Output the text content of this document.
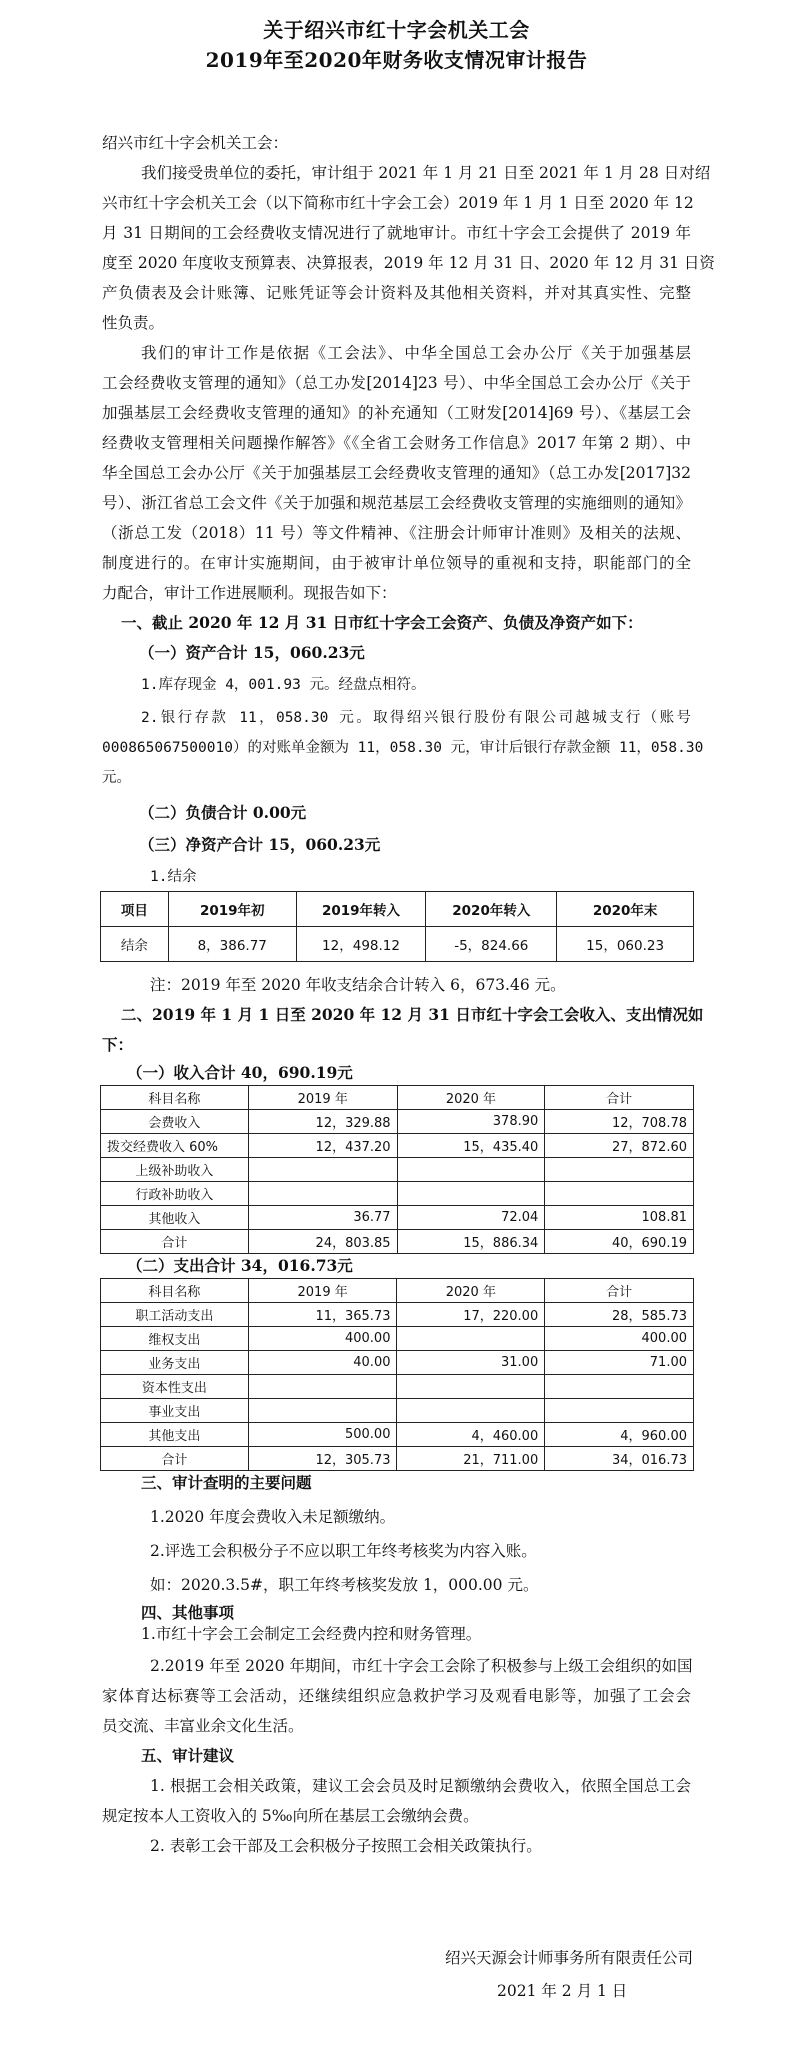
关于绍兴市红十字会机关工会
2019年至2020年财务收支情况审计报告
绍兴市红十字会机关工会：
我们接受贵单位的委托，审计组于 2021 年 1 月 21 日至 2021 年 1 月 28 日对绍
兴市红十字会机关工会（以下简称市红十字会工会）2019 年 1 月 1 日至 2020 年 12
月 31 日期间的工会经费收支情况进行了就地审计。市红十字会工会提供了 2019 年
度至 2020 年度收支预算表、决算报表，2019 年 12 月 31 日、2020 年 12 月 31 日资
产负债表及会计账簿、记账凭证等会计资料及其他相关资料，并对其真实性、完整
性负责。
我们的审计工作是依据《工会法》、中华全国总工会办公厅《关于加强基层
工会经费收支管理的通知》（总工办发[2014]23 号）、中华全国总工会办公厅《关于
加强基层工会经费收支管理的通知》的补充通知（工财发[2014]69 号）、《基层工会
经费收支管理相关问题操作解答》《《全省工会财务工作信息》2017 年第 2 期）、中
华全国总工会办公厅《关于加强基层工会经费收支管理的通知》（总工办发[2017]32
号）、浙江省总工会文件《关于加强和规范基层工会经费收支管理的实施细则的通知》
（浙总工发（2018）11 号）等文件精神、《注册会计师审计准则》及相关的法规、
制度进行的。在审计实施期间，由于被审计单位领导的重视和支持，职能部门的全
力配合，审计工作进展顺利。现报告如下：
一、截止 2020 年 12 月 31 日市红十字会工会资产、负债及净资产如下：
（一）资产合计 15，060.23元
1.库存现金 4，001.93 元。经盘点相符。
2.银行存款 11，058.30 元。取得绍兴银行股份有限公司越城支行（账号
000865067500010）的对账单金额为 11，058.30 元，审计后银行存款金额 11，058.30
元。
（二）负债合计 0.00元
（三）净资产合计 15，060.23元
1.结余
项目	2019年初	2019年转入	2020年转入	2020年末
结余	8，386.77	12，498.12	-5，824.66	15，060.23
注：2019 年至 2020 年收支结余合计转入 6，673.46 元。
二、2019 年 1 月 1 日至 2020 年 12 月 31 日市红十字会工会收入、支出情况如
下：
（一）收入合计 40，690.19元
科目名称	2019 年	2020 年	合计
会费收入	12，329.88	378.90	12，708.78
拨交经费收入 60%	12，437.20	15，435.40	27，872.60
上级补助收入			
行政补助收入			
其他收入	36.77	72.04	108.81
合计	24，803.85	15，886.34	40，690.19
（二）支出合计 34，016.73元
科目名称	2019 年	2020 年	合计
职工活动支出	11，365.73	17，220.00	28，585.73
维权支出	400.00		400.00
业务支出	40.00	31.00	71.00
资本性支出			
事业支出			
其他支出	500.00	4，460.00	4，960.00
合计	12，305.73	21，711.00	34，016.73
三、审计查明的主要问题
1.2020 年度会费收入未足额缴纳。
2.评选工会积极分子不应以职工年终考核奖为内容入账。
如：2020.3.5#，职工年终考核奖发放 1，000.00 元。
四、其他事项
1.市红十字会工会制定工会经费内控和财务管理。
2.2019 年至 2020 年期间，市红十字会工会除了积极参与上级工会组织的如国
家体育达标赛等工会活动，还继续组织应急救护学习及观看电影等，加强了工会会
员交流、丰富业余文化生活。
五、审计建议
1. 根据工会相关政策，建议工会会员及时足额缴纳会费收入，依照全国总工会
规定按本人工资收入的 5‰向所在基层工会缴纳会费。
2. 表彰工会干部及工会积极分子按照工会相关政策执行。
绍兴天源会计师事务所有限责任公司
2021 年 2 月 1 日
